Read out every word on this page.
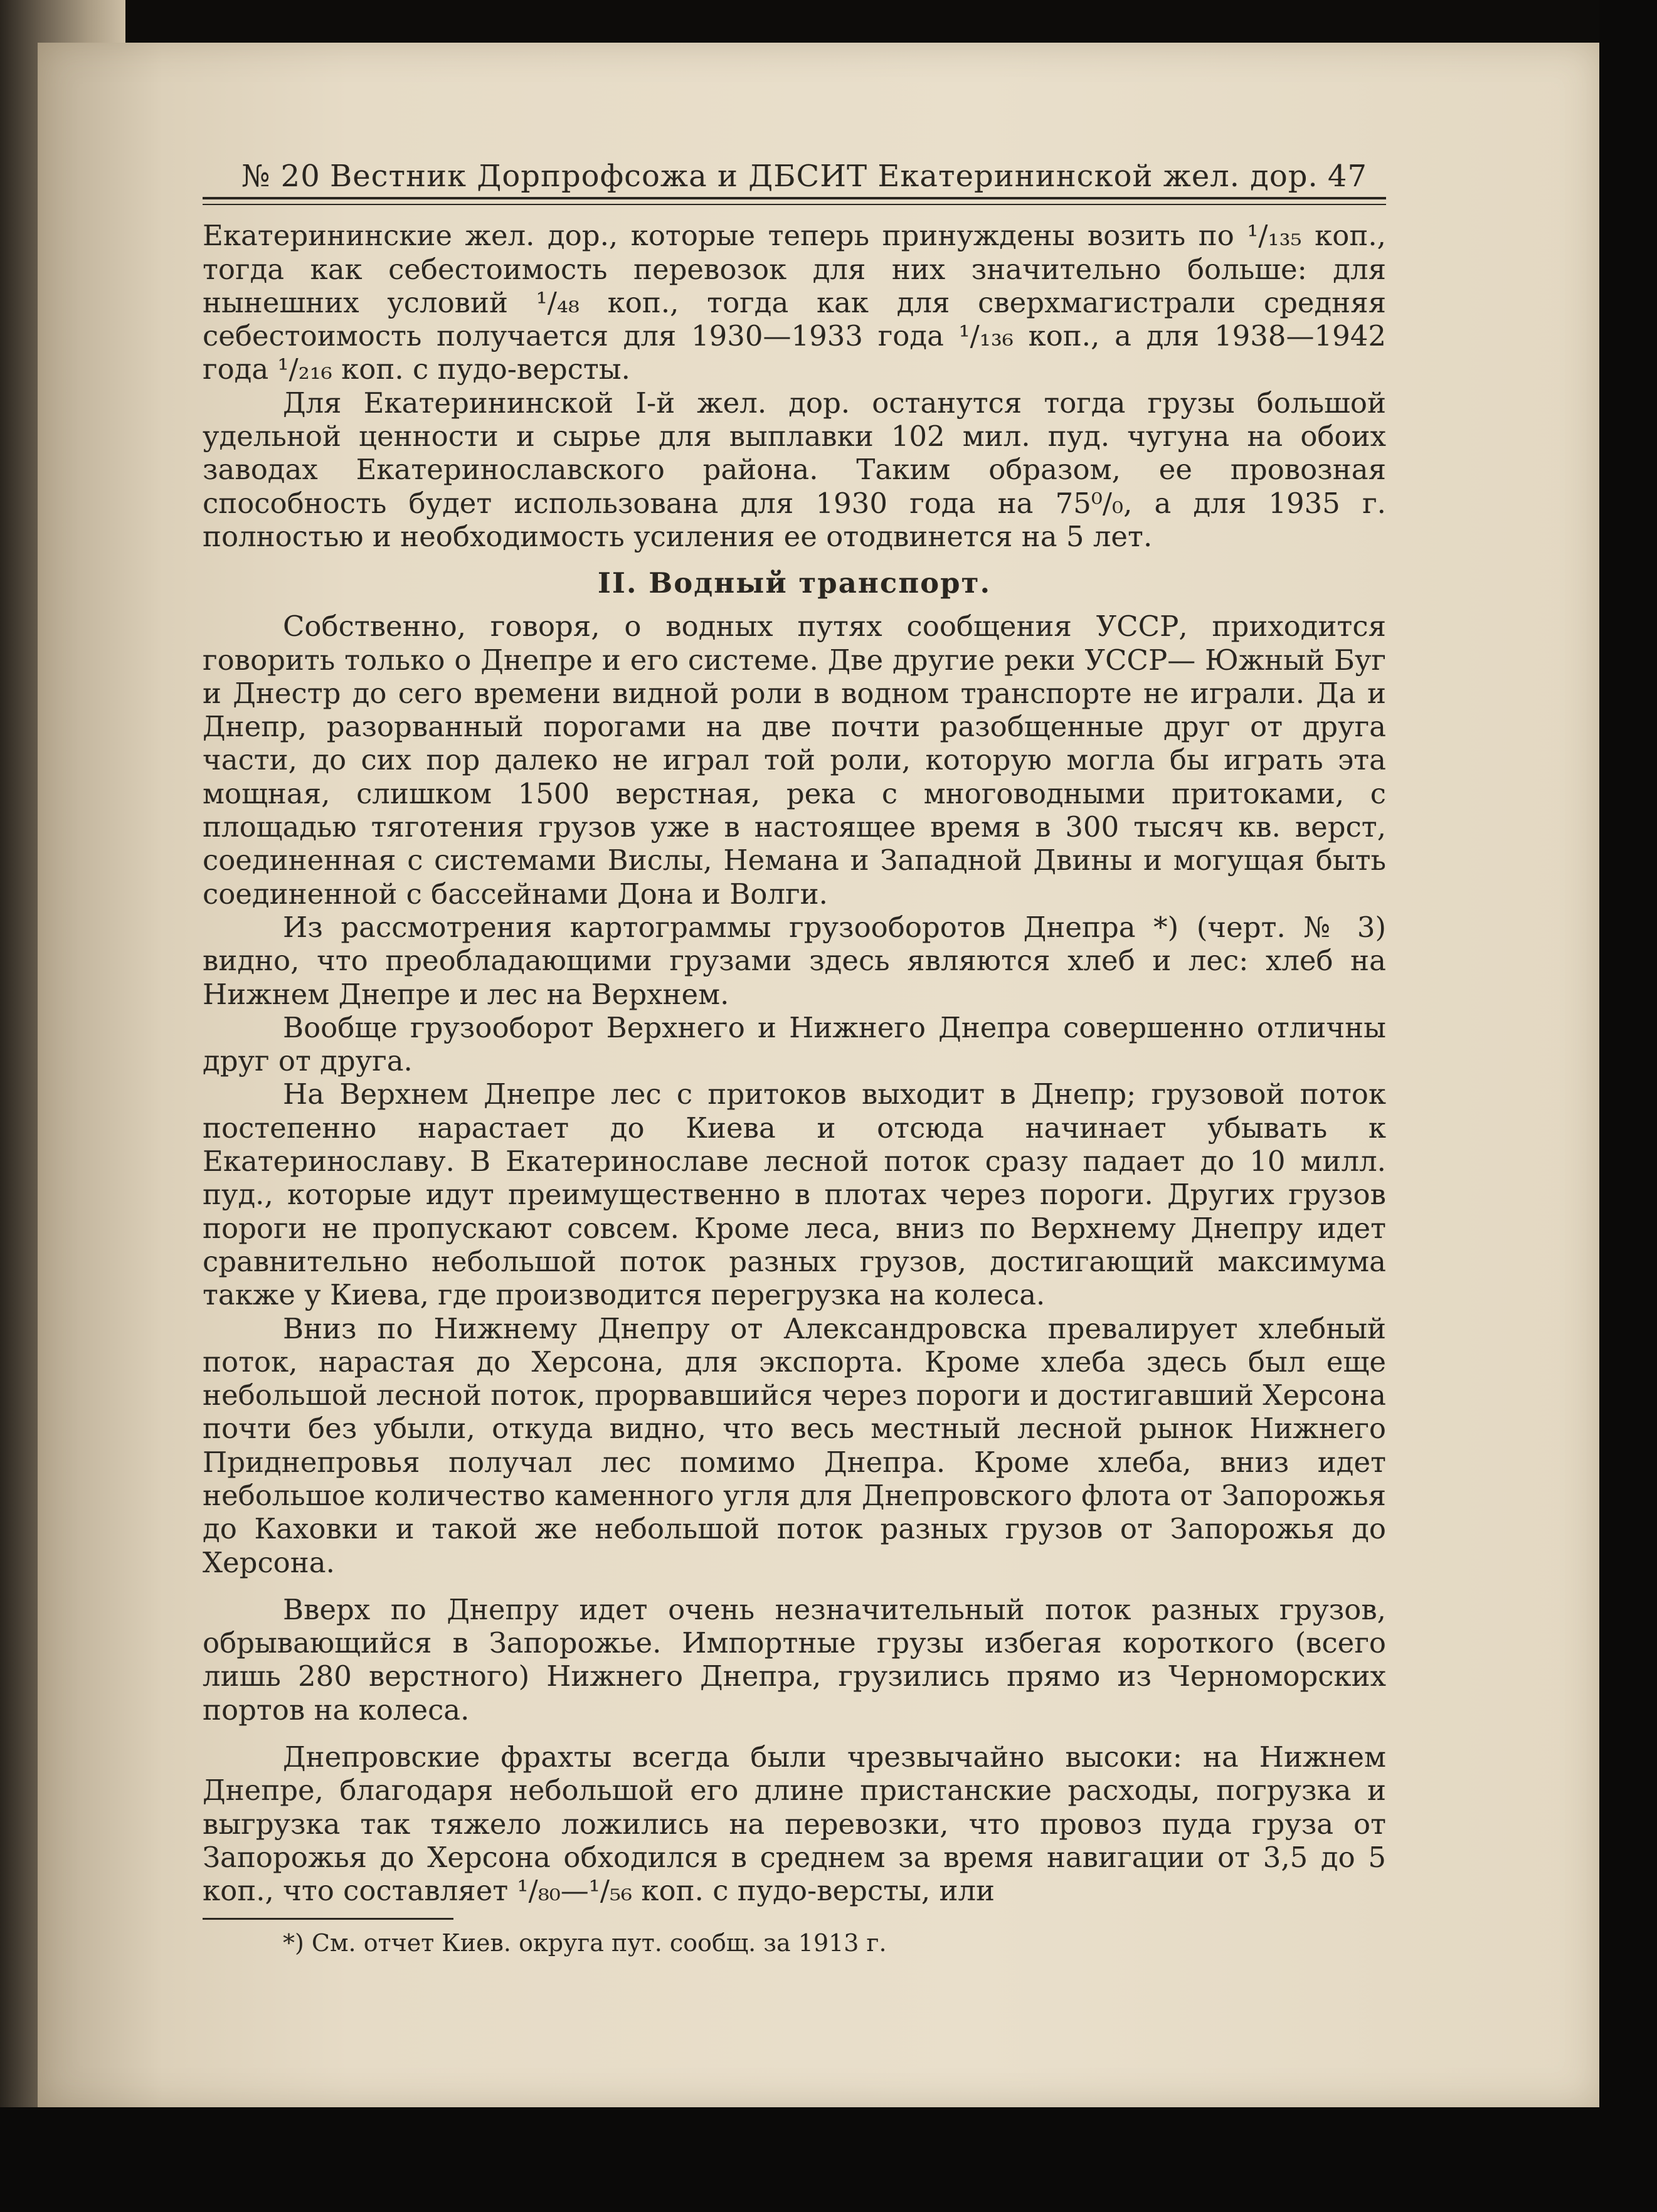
№ 20 Вестник Дорпрофсожа и ДБСИТ Екатерининской жел. дор. 47

Екатерининские жел. дор., которые теперь принуждены возить по ¹/₁₃₅ коп., тогда как себестоимость перевозок для них значительно больше: для нынешних условий ¹/₄₈ коп., тогда как для сверхмагистрали средняя себестоимость получается для 1930—1933 года ¹/₁₃₆ коп., а для 1938—1942 года ¹/₂₁₆ коп. с пудо-версты.

Для Екатерининской I-й жел. дор. останутся тогда грузы большой удельной ценности и сырье для выплавки 102 мил. пуд. чугуна на обоих заводах Екатеринославского района. Таким образом, ее провозная способность будет использована для 1930 года на 75⁰/₀, а для 1935 г. полностью и необходимость усиления ее отодвинется на 5 лет.

II. Водный транспорт.

Собственно, говоря, о водных путях сообщения УССР, приходится говорить только о Днепре и его системе. Две другие реки УССР— Южный Буг и Днестр до сего времени видной роли в водном транспорте не играли. Да и Днепр, разорванный порогами на две почти разобщенные друг от друга части, до сих пор далеко не играл той роли, которую могла бы играть эта мощная, слишком 1500 верстная, река с многоводными притоками, с площадью тяготения грузов уже в настоящее время в 300 тысяч кв. верст, соединенная с системами Вислы, Немана и Западной Двины и могущая быть соединенной с бассейнами Дона и Волги.

Из рассмотрения картограммы грузооборотов Днепра *) (черт. № 3) видно, что преобладающими грузами здесь являются хлеб и лес: хлеб на Нижнем Днепре и лес на Верхнем.

Вообще грузооборот Верхнего и Нижнего Днепра совершенно отличны друг от друга.

На Верхнем Днепре лес с притоков выходит в Днепр; грузовой поток постепенно нарастает до Киева и отсюда начинает убывать к Екатеринославу. В Екатеринославе лесной поток сразу падает до 10 милл. пуд., которые идут преимущественно в плотах через пороги. Других грузов пороги не пропускают совсем. Кроме леса, вниз по Верхнему Днепру идет сравнительно небольшой поток разных грузов, достигающий максимума также у Киева, где производится перегрузка на колеса.

Вниз по Нижнему Днепру от Александровска превалирует хлебный поток, нарастая до Херсона, для экспорта. Кроме хлеба здесь был еще небольшой лесной поток, прорвавшийся через пороги и достигавший Херсона почти без убыли, откуда видно, что весь местный лесной рынок Нижнего Приднепровья получал лес помимо Днепра. Кроме хлеба, вниз идет небольшое количество каменного угля для Днепровского флота от Запорожья до Каховки и такой же небольшой поток разных грузов от Запорожья до Херсона.

Вверх по Днепру идет очень незначительный поток разных грузов, обрывающийся в Запорожье. Импортные грузы избегая короткого (всего лишь 280 верстного) Нижнего Днепра, грузились прямо из Черноморских портов на колеса.

Днепровские фрахты всегда были чрезвычайно высоки: на Нижнем Днепре, благодаря небольшой его длине пристанские расходы, погрузка и выгрузка так тяжело ложились на перевозки, что провоз пуда груза от Запорожья до Херсона обходился в среднем за время навигации от 3,5 до 5 коп., что составляет ¹/₈₀—¹/₅₆ коп. с пудо-версты, или

*) См. отчет Киев. округа пут. сообщ. за 1913 г.
